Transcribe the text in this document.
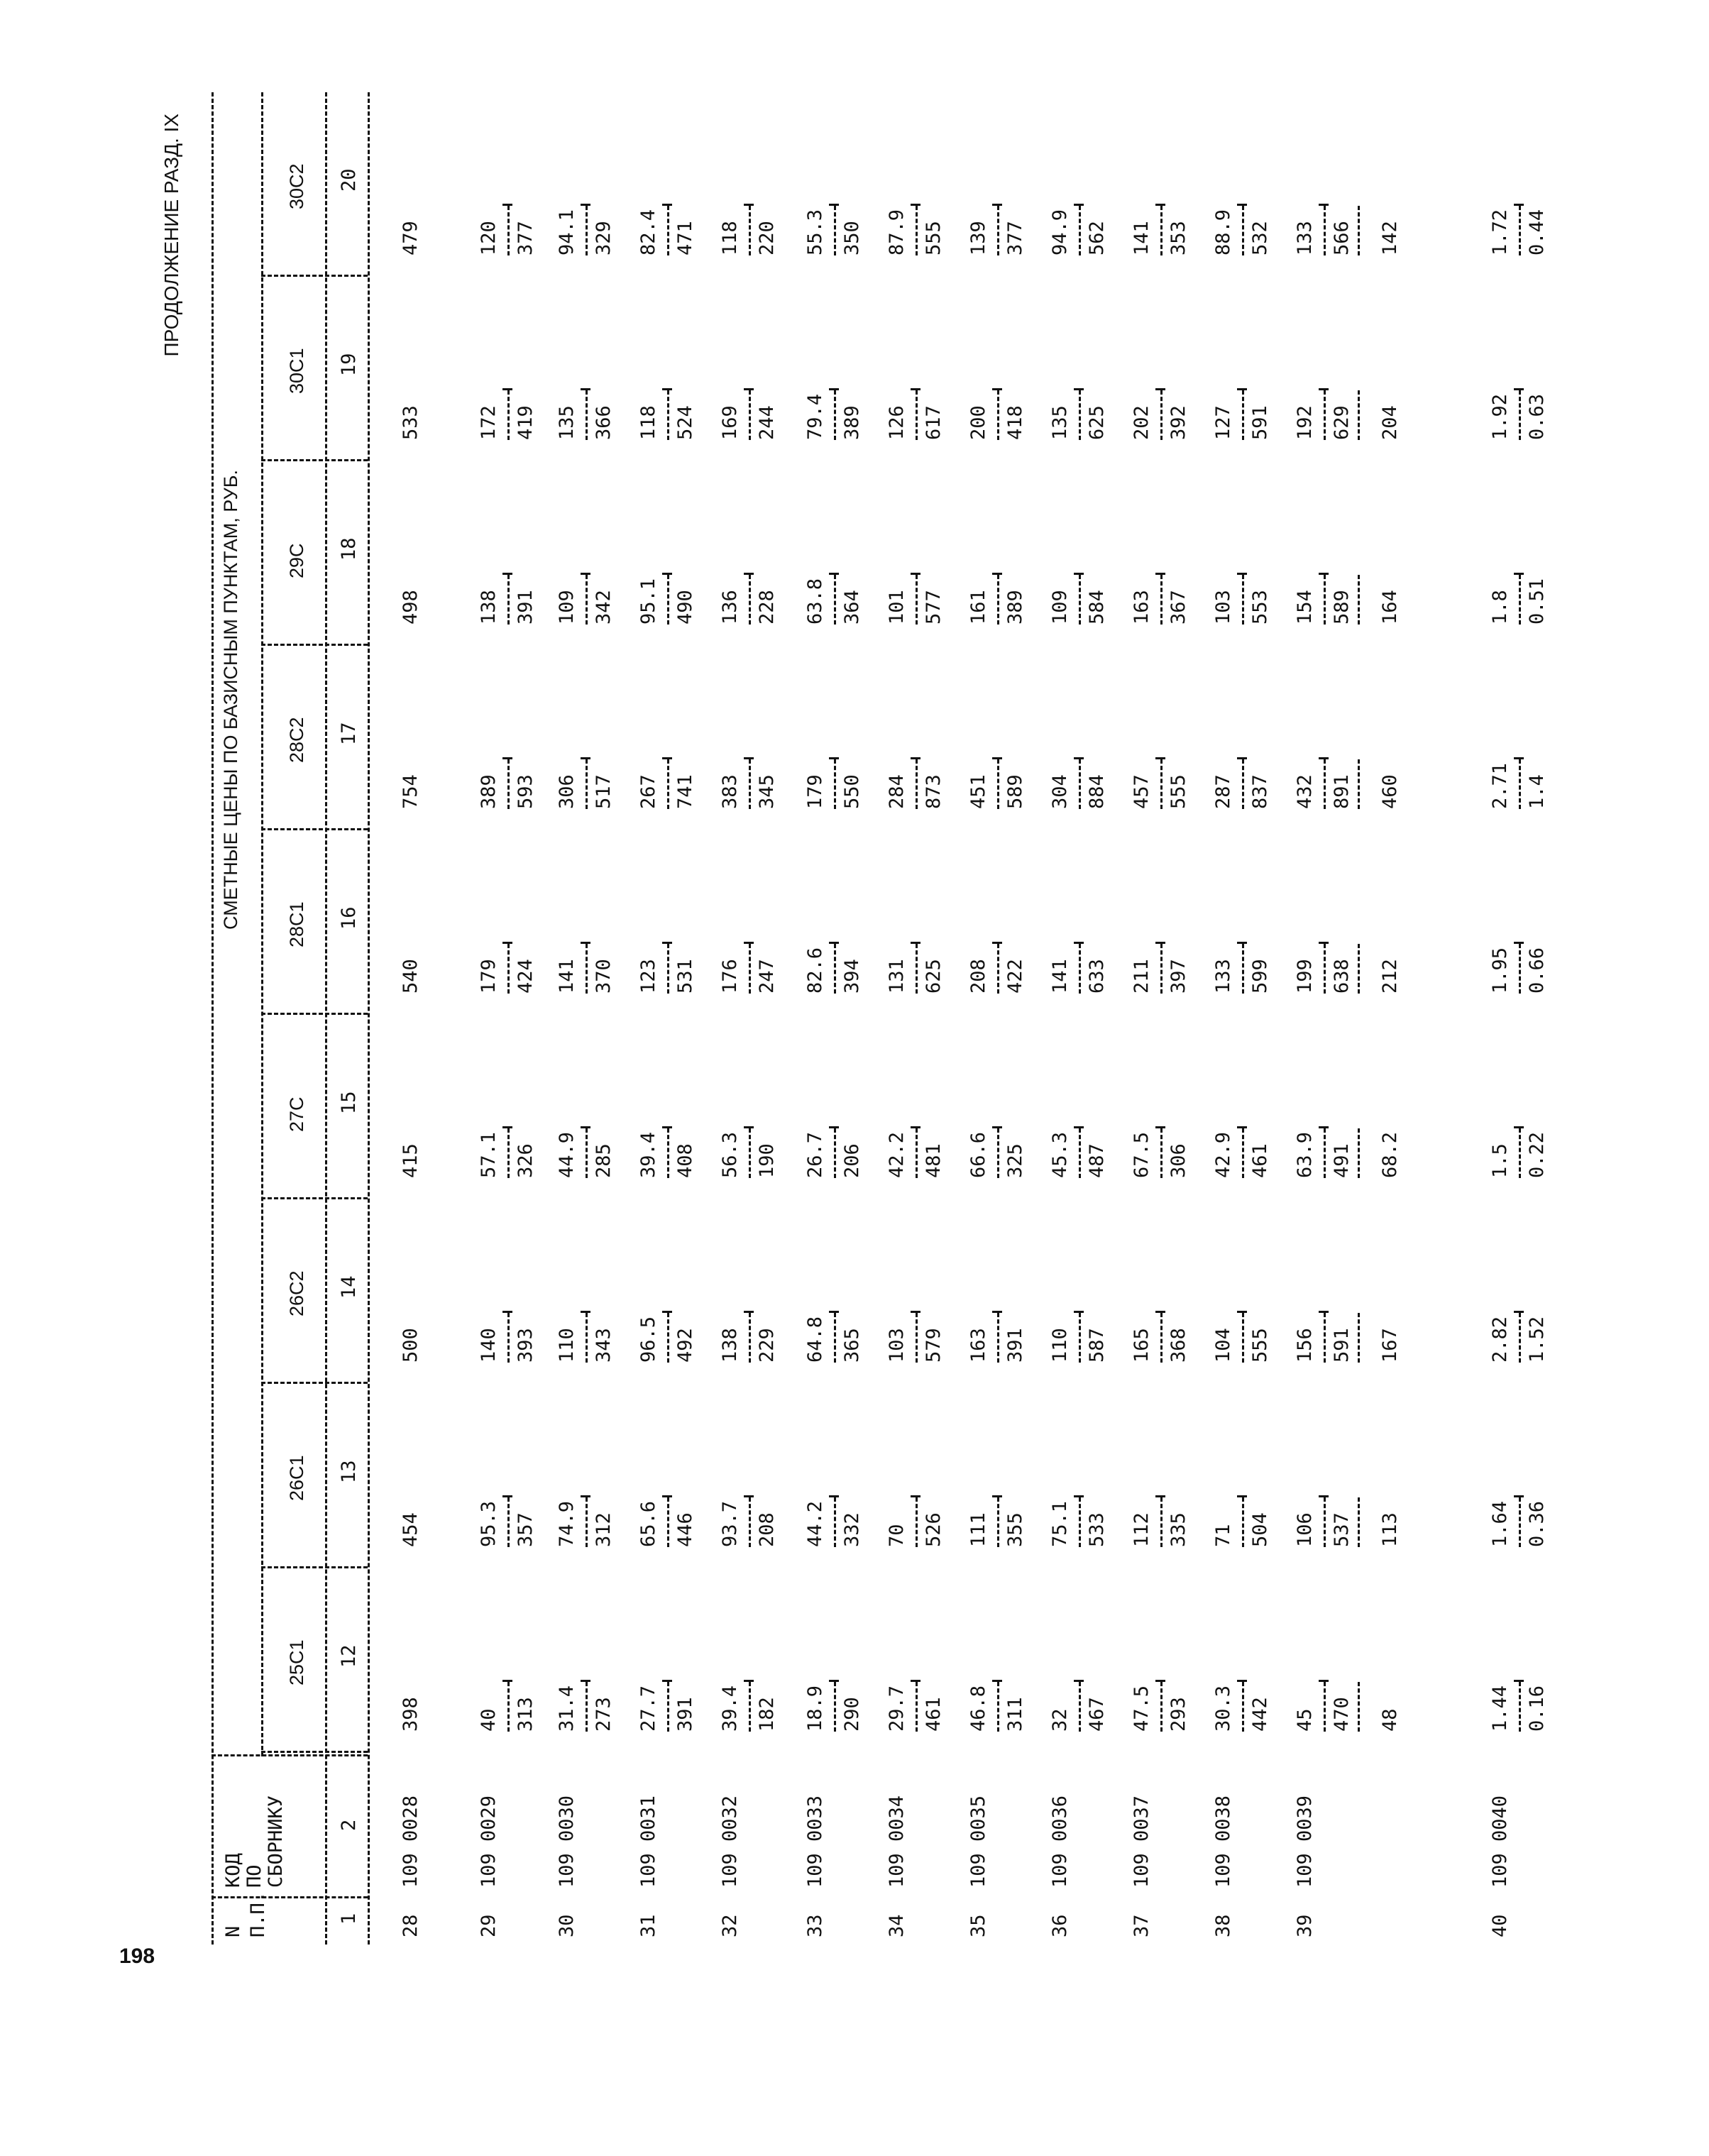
198
ПРОДОЛЖЕНИЕ РАЗД. IX
N П.П.
КОД ПО СБОРНИКУ
СМЕТНЫЕ ЦЕНЫ ПО БАЗИСНЫМ ПУНКТАМ, РУБ.
1
2
25С1 12
26С1 13
26С2 14
27С 15
28С1 16
28С2 17
29С 18
30С1 19
30С2 20
28
109 0028
398
454
500
415
540
754
498
533
479
29
109 0029
40 313
95.3 357
140 393
57.1 326
179 424
389 593
138 391
172 419
120 377
30
109 0030
31.4 273
74.9 312
110 343
44.9 285
141 370
306 517
109 342
135 366
94.1 329
31
109 0031
27.7 391
65.6 446
96.5 492
39.4 408
123 531
267 741
95.1 490
118 524
82.4 471
32
109 0032
39.4 182
93.7 208
138 229
56.3 190
176 247
383 345
136 228
169 244
118 220
33
109 0033
18.9 290
44.2 332
64.8 365
26.7 206
82.6 394
179 550
63.8 364
79.4 389
55.3 350
34
109 0034
29.7 461
70 526
103 579
42.2 481
131 625
284 873
101 577
126 617
87.9 555
35
109 0035
46.8 311
111 355
163 391
66.6 325
208 422
451 589
161 389
200 418
139 377
36
109 0036
32 467
75.1 533
110 587
45.3 487
141 633
304 884
109 584
135 625
94.9 562
37
109 0037
47.5 293
112 335
165 368
67.5 306
211 397
457 555
163 367
202 392
141 353
38
109 0038
30.3 442
71 504
104 555
42.9 461
133 599
287 837
103 553
127 591
88.9 532
39
109 0039
45 470
106 537
156 591
63.9 491
199 638
432 891
154 589
192 629
133 566
48
113
167
68.2
212
460
164
204
142
40
109 0040
1.44 0.16
1.64 0.36
2.82 1.52
1.5 0.22
1.95 0.66
2.71 1.4
1.8 0.51
1.92 0.63
1.72 0.44
